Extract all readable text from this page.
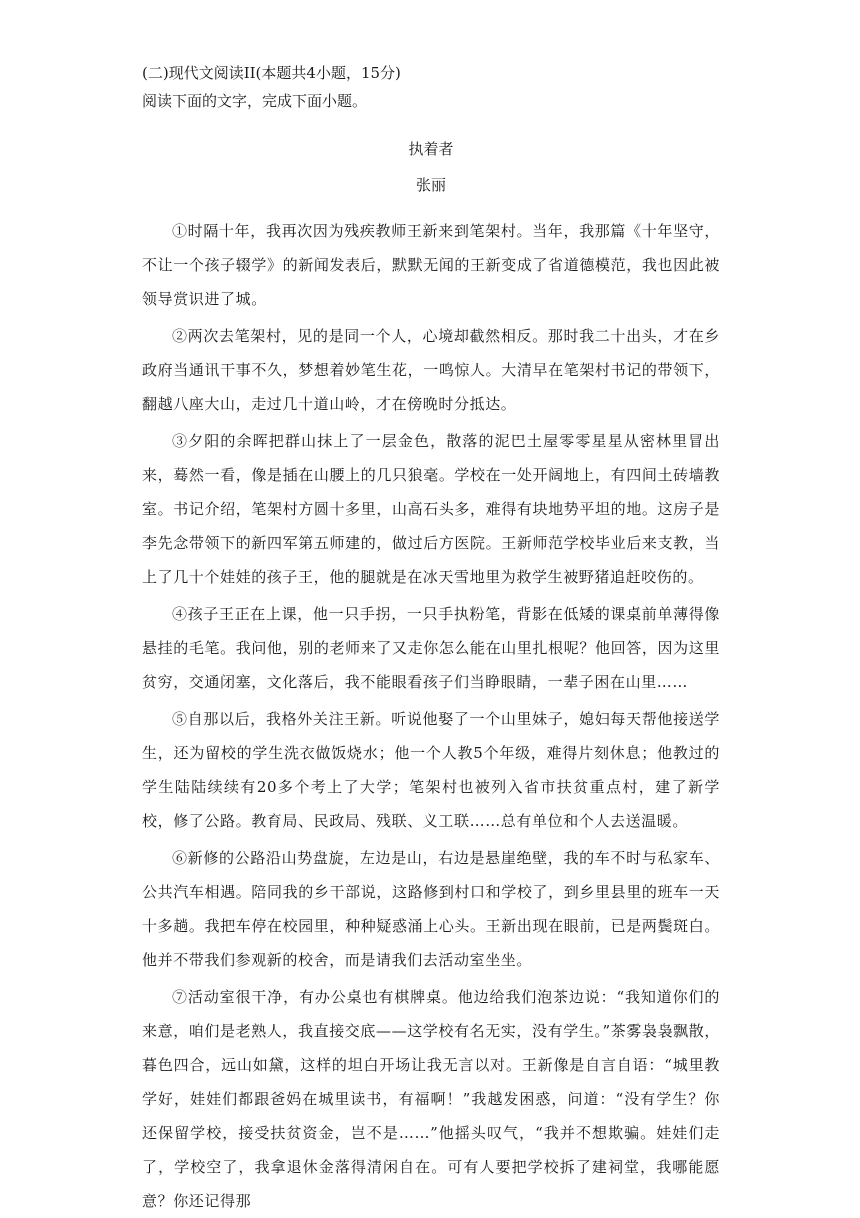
(二)现代文阅读II(本题共4小题，15分)

阅读下面的文字，完成下面小题。

执着者

张丽

①时隔十年，我再次因为残疾教师王新来到笔架村。当年，我那篇《十年坚守，不让一个孩子辍学》的新闻发表后，默默无闻的王新变成了省道德模范，我也因此被领导赏识进了城。

②两次去笔架村，见的是同一个人，心境却截然相反。那时我二十出头，才在乡政府当通讯干事不久，梦想着妙笔生花，一鸣惊人。大清早在笔架村书记的带领下，翻越八座大山，走过几十道山岭，才在傍晚时分抵达。

③夕阳的余晖把群山抹上了一层金色，散落的泥巴土屋零零星星从密林里冒出来，蓦然一看，像是插在山腰上的几只狼毫。学校在一处开阔地上，有四间土砖墙教室。书记介绍，笔架村方圆十多里，山高石头多，难得有块地势平坦的地。这房子是李先念带领下的新四军第五师建的，做过后方医院。王新师范学校毕业后来支教，当上了几十个娃娃的孩子王，他的腿就是在冰天雪地里为救学生被野猪追赶咬伤的。

④孩子王正在上课，他一只手拐，一只手执粉笔，背影在低矮的课桌前单薄得像悬挂的毛笔。我问他，别的老师来了又走你怎么能在山里扎根呢？他回答，因为这里贫穷，交通闭塞，文化落后，我不能眼看孩子们当睁眼睛，一辈子困在山里……

⑤自那以后，我格外关注王新。听说他娶了一个山里妹子，媳妇每天帮他接送学生，还为留校的学生洗衣做饭烧水；他一个人教5个年级，难得片刻休息；他教过的学生陆陆续续有20多个考上了大学；笔架村也被列入省市扶贫重点村，建了新学校，修了公路。教育局、民政局、残联、义工联……总有单位和个人去送温暖。

⑥新修的公路沿山势盘旋，左边是山，右边是悬崖绝壁，我的车不时与私家车、公共汽车相遇。陪同我的乡干部说，这路修到村口和学校了，到乡里县里的班车一天十多趟。我把车停在校园里，种种疑惑涌上心头。王新出现在眼前，已是两鬓斑白。他并不带我们参观新的校舍，而是请我们去活动室坐坐。

⑦活动室很干净，有办公桌也有棋牌桌。他边给我们泡茶边说：“我知道你们的来意，咱们是老熟人，我直接交底——这学校有名无实，没有学生。”茶雾袅袅飘散，暮色四合，远山如黛，这样的坦白开场让我无言以对。王新像是自言自语：“城里教学好，娃娃们都跟爸妈在城里读书，有福啊！”我越发困惑，问道：“没有学生？你还保留学校，接受扶贫资金，岂不是……”他摇头叹气，“我并不想欺骗。娃娃们走了，学校空了，我拿退休金落得清闲自在。可有人要把学校拆了建祠堂，我哪能愿意？你还记得那
